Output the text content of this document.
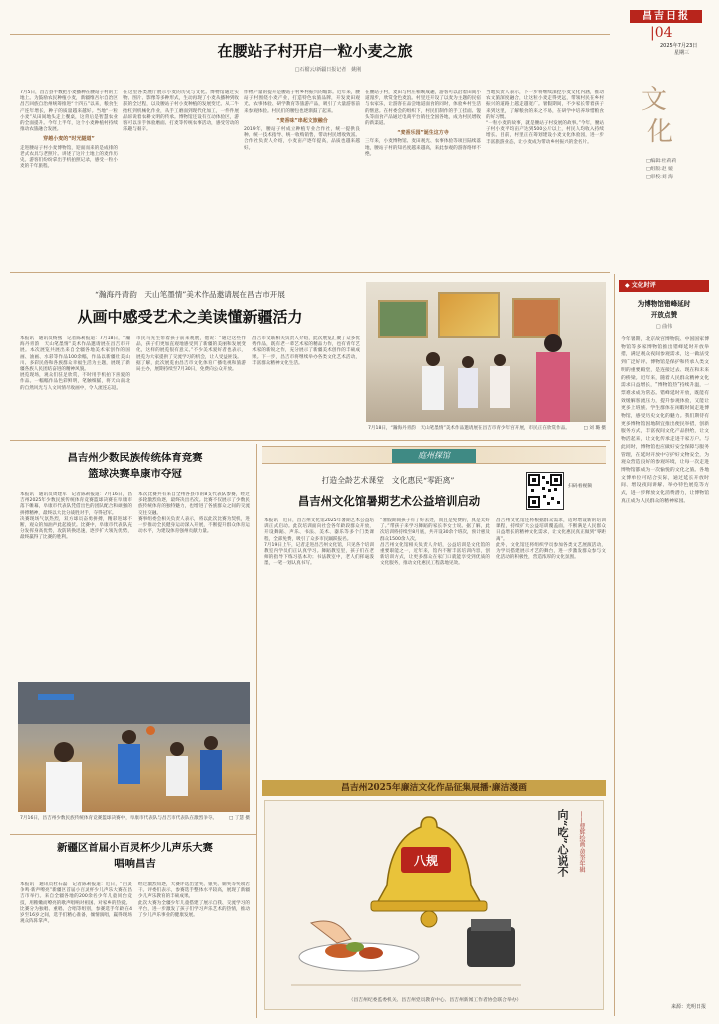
昌吉日报
|04
2025年7月23日
星期三
文
化
□编辑:杜莉莉
□组版:赵 媛
□审校:刘 海
在腰站子村开启一粒小麦之旅
□石榴云/新疆日报记者　姚刚
7月5日，昌吉县半数把小麦播种在腰站子村的土地上。为鼓励农民种植小麦，新疆维吾尔自治区昌吉回族自治州统筹推进“十四五”以来，粮食生产连年增长，种子的质量越来越好。当地“一粒小麦”从田间地头走上餐桌，这背后是智慧农业的全面提升。今年上半年，这个小麦种植村持续推动农旅融合发展。
穿越小麦的“时光隧道”
走进腰站子村小麦博物馆，迎面而来的是成排的老式农具与老照片。讲述了这片土地上的麦作历史。游客们纷纷拿出手机拍照记录，感受一粒小麦的千年旅程。
在这里各类展厅展示小麦的历史与文化。博物馆通过实物、图片、影像等多种形式，生动再现了小麦从播种到收获的全过程，以及腰站子村小麦种植的发展变迁。从二牛抬杠到机械化作业，从手工磨面到现代化加工，一件件展品诉说着农耕文明的传承。博物馆还设有互动体验区，游客可以亲手体验磨面、打麦等传统农事活动，感受劳动的乐趣与艰辛。
作物产量的提升是腰站子村乡村振兴的缩影。近年来，腰站子村围绕小麦产业，打造特色农旅品牌，开发麦田观光、农事体验、研学教育等旅游产品，吸引了大量游客前来参观体验。村民们的腰包也逐渐鼓了起来。
“麦香味”串起文旅融合
2019年，腰站子村成立种植专业合作社，统一提供良种、统一技术指导、统一收购销售，带动村民增收致富。合作社负责人介绍，小麦亩产逐年提高，品质也越来越好。
在腰站子村，麦田与村庄相映成趣，游客可以沿着田间小道漫步，欣赏金色麦浪。村里还开设了以麦为主题的民宿与农家乐，让游客在品尝地道面食的同时，体验乡村生活的惬意。在村委会的组织下，村民们制作的手工挂面、馒头等面食产品通过电商平台销往全国各地，成为村民增收的新渠道。
“麦香乐园”诞生这方寺
三年来，小麦博物馆、麦田观光、农事体验等项目陆续落地，腰站子村的知名度越来越高，来此参观的游客络绎不绝。
当地负责人表示，下一步将继续深挖小麦文化内涵，推动农文旅深度融合，让这粒小麦走得更远，带领村民在乡村振兴的道路上越走越宽广。暑假期间，不少家长带着孩子来到这里，了解粮食的来之不易，在研学中培养珍惜粮食的好习惯。
“一粒小麦的故事，就是腰站子村发展的故事。”今年，腰站子村小麦平均亩产达到500公斤以上，村民人均收入持续增长。目前，村里正在筹划建设小麦文化体验园，进一步丰富旅游业态，让小麦成为带动乡村振兴的金名片。
◆ 文化时评
为博物馆错峰延时
开放点赞
□ 曲伟
今年暑期，北京故宫博物院、中国国家博物馆等多家博物馆推出错峰延时开放举措，满足观众夜间参观需求，这一做法受到广泛好评。博物馆是保护和传承人类文明的重要殿堂，是连接过去、现在和未来的桥梁。近年来，随着人民群众精神文化需求日益增长，“博物馆热”持续升温，一票难求成为常态。错峰延时开放，既能有效缓解客流压力，提升参观体验，又能让更多上班族、学生群体在闲暇时间走进博物馆，感受历史文化的魅力。我们期待有更多博物馆因地制宜推出便民举措，创新服务方式，丰富夜间文化产品供给，让文物活起来，让文化传承走进千家万户。与此同时，博物馆也应做好安全保障与服务管理，在延时开放中守护好文物安全，为观众营造良好的参观环境，让每一次走进博物馆都成为一次愉悦的文化之旅。各地文博单位可结合实际，通过延长开放时间、增设夜间讲解、举办特色展览等方式，进一步释放文化消费潜力，让博物馆真正成为人民群众的精神家园。
来源：光明日报
“瀚海丹青韵　天山笔墨情”美术作品邀请展在昌吉市开展
从画中感受艺术之美读懂新疆活力
本报讯　通讯员杨燕　记者陈莉报道：7月18日，“瀚海丹青韵　天山笔墨情”美术作品邀请展在昌吉市开展。本次展览共展出来自全疆各地美术家创作的国画、油画、水彩等作品100余幅，作品以新疆壮美山川、多彩民俗和各族群众幸福生活为主题，展现了新疆各族人民团结奋进的精神风貌。
展览现场，观众们驻足欣赏，不时用手机拍下喜爱的作品。一幅幅作品色彩鲜明，笔触细腻，将天山南北的自然风光与人文风情尽收画中，令人流连忘返。
市民马先生带着孩子前来观展，他说：“通过这些作品，孩子们更加直观地感受到了新疆的美丽和发展变化，这样的展览很有意义。”不少美术爱好者也表示，展览为大家提供了交流学习的机会，让人受益匪浅。
据了解，此次展览由昌吉市文化体育广播电视和旅游局主办，展期持续至7月30日，免费向公众开放。
昌吉市文联相关负责人介绍，此次展览汇聚了众多优秀作品，既有老一辈艺术家的精品力作，也有青年艺术家的新锐之作，充分展示了新疆美术创作的丰硕成果。下一步，昌吉市将继续举办各类文化艺术活动，丰富群众精神文化生活。
7月18日，“瀚海丹青韵　天山笔墨情”美术作品邀请展在昌吉市青少年宫开展，市民正在欣赏作品。	□ 刘 璐 摄
昌吉州少数民族传统体育竞赛
篮球决赛阜康市夺冠
本报讯　通讯员周建军　记者陈莉报道：7月16日，昌吉州2025年少数民族传统体育竞赛篮球决赛在阜康市落下帷幕，阜康市代表队凭借出色的团队配合和顽强的拼搏精神，最终以大比分战胜对手，夺得冠军。
决赛现场气氛热烈，双方球员奋勇拼搏，精彩进球不断，观众的加油声此起彼伏。比赛中，阜康市代表队充分发挥身高优势，攻防转换迅速，逐步扩大领先优势，最终赢得了比赛的胜利。
本次比赛共有来自全州各县市的8支代表队参赛，经过多轮激烈角逐，最终决出名次。比赛不仅展示了少数民族传统体育的独特魅力，也增进了各族群众之间的交流交往交融。
赛事组委会相关负责人表示，将以此次比赛为契机，进一步推动全民健身运动深入开展，不断提升群众体育运动水平，为建设体育强州贡献力量。
7月16日，昌吉州少数民族传统体育竞赛篮球决赛中，阜康市代表队与昌吉市代表队在激烈争夺。	□ 丁慧 摄
新疆区首届小百灵杯少儿声乐大赛
唱响昌吉
本报讯　通讯员杜石磊　记者陈莉报道：近日，“百灵争鸣·新声嘹亮”新疆区首届小百灵杯少儿声乐大赛在昌吉市举行。来自全疆各地的200余名少年儿童同台竞技，用稚嫩而嘹亮的歌声唱响对祖国、对家乡的热爱。
比赛分为独唱、重唱、合唱等组别，参赛选手年龄在4岁至16岁之间，选手们精心准备，倾情演唱，赢得现场观众阵阵掌声。
经过激烈角逐，大赛评选出金奖、银奖、铜奖等奖项若干。评委们表示，参赛选手整体水平较高，展现了新疆少儿声乐教育的丰硕成果。
此次大赛为全疆少年儿童搭建了展示自我、交流学习的平台，进一步激发了孩子们学习声乐艺术的热情，推动了少儿声乐事业的健康发展。
庭州探馆
打造全龄艺术课堂　文化惠民“零距离”
昌吉州文化馆暑期艺术公益培训启动
扫码看视频
本报讯　近日，昌吉州文化馆2025年暑期艺术公益培训正式启动。此次培训面向社会各年龄段群众开放，开设舞蹈、声乐、书法、美术、器乐等多个门类课程，全部免费，吸引了众多市民踊跃报名。
7月19日上午，记者走进昌吉州文化馆，只见各个培训教室内学员们正认真学习。舞蹈教室里，孩子们在老师的指导下练习基本功；书法教室中，老人们挥毫泼墨，一笔一划认真书写。
“暑假期间孩子有了好去处，而且是免费的，真是太好了。”带孩子来学习舞蹈的家长李女士说。据了解，此次培训将持续至8月底，共开设30余个班次，预计惠及群众1500余人次。
昌吉州文化馆相关负责人介绍，公益培训是文化馆的重要职能之一，近年来，馆内不断丰富培训内容，创新培训方式，让更多群众在家门口就能享受到优质的文化服务，推动文化惠民工程落地见效。
昌吉州文化馆还将根据群众需求，适时增设新的培训课程，持续扩大公益培训覆盖面，不断满足人民群众日益增长的精神文化需求，让文化惠民真正做到“零距离”。
此外，文化馆还将组织学员参加各类文艺展演活动，为学员搭建展示才艺的舞台，进一步激发群众参与文化活动的积极性，营造浓厚的文化氛围。
昌吉州2025年廉洁文化作品征集展播·廉洁漫画
八规	向“吃”心说不	——曹辉绘画·黄奎年辑
（昌吉州纪委监委机关、昌吉州党员教育中心、昌吉州新闻工作者协会联合举办）
